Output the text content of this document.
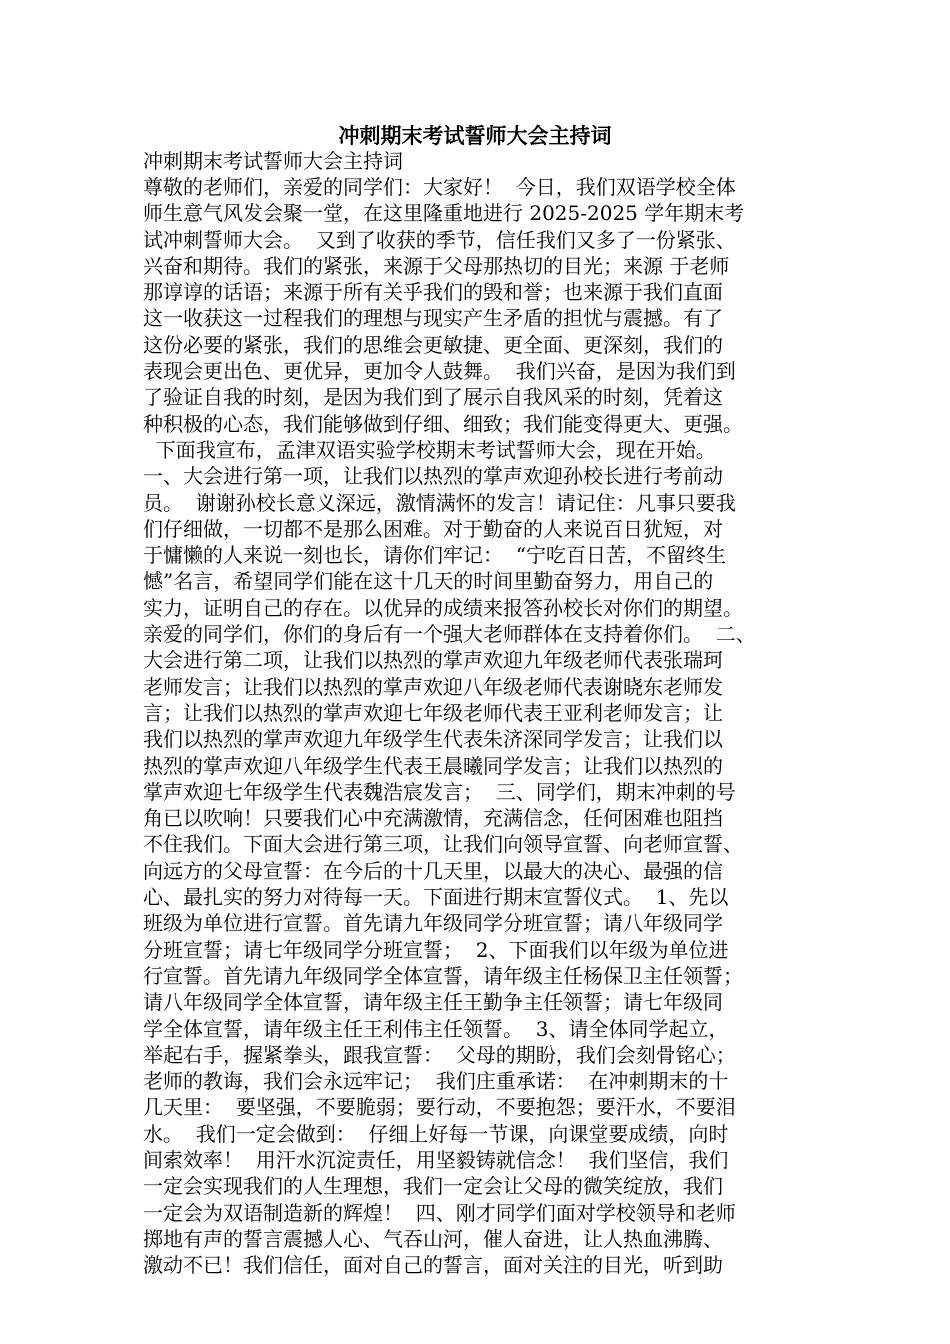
冲刺期末考试誓师大会主持词

冲刺期末考试誓师大会主持词

尊敬的老师们，亲爱的同学们：大家好！  今日，我们双语学校全体
师生意气风发会聚一堂，在这里隆重地进行 2025-2025 学年期末考
试冲刺誓师大会。  又到了收获的季节，信任我们又多了一份紧张、
兴奋和期待。我们的紧张，来源于父母那热切的目光；来源 于老师
那谆谆的话语；来源于所有关乎我们的毁和誉；也来源于我们直面
这一收获这一过程我们的理想与现实产生矛盾的担忧与震撼。有了
这份必要的紧张，我们的思维会更敏捷、更全面、更深刻，我们的
表现会更出色、更优异，更加令人鼓舞。  我们兴奋，是因为我们到
了验证自我的时刻，是因为我们到了展示自我风采的时刻，凭着这
种积极的心态，我们能够做到仔细、细致；我们能变得更大、更强。
下面我宣布，孟津双语实验学校期末考试誓师大会，现在开始。
一、大会进行第一项，让我们以热烈的掌声欢迎孙校长进行考前动
员。  谢谢孙校长意义深远，激情满怀的发言！请记住：凡事只要我
们仔细做，一切都不是那么困难。对于勤奋的人来说百日犹短，对
于慵懒的人来说一刻也长，请你们牢记：  “宁吃百日苦，不留终生
憾”名言，希望同学们能在这十几天的时间里勤奋努力，用自己的
实力，证明自己的存在。以优异的成绩来报答孙校长对你们的期望。
亲爱的同学们，你们的身后有一个强大老师群体在支持着你们。  二、
大会进行第二项，让我们以热烈的掌声欢迎九年级老师代表张瑞珂
老师发言；让我们以热烈的掌声欢迎八年级老师代表谢晓东老师发
言；让我们以热烈的掌声欢迎七年级老师代表王亚利老师发言；让
我们以热烈的掌声欢迎九年级学生代表朱济深同学发言；让我们以
热烈的掌声欢迎八年级学生代表王晨曦同学发言；让我们以热烈的
掌声欢迎七年级学生代表魏浩宸发言；  三、同学们，期末冲刺的号
角已以吹响！只要我们心中充满激情，充满信念，任何困难也阻挡
不住我们。下面大会进行第三项，让我们向领导宣誓、向老师宣誓、
向远方的父母宣誓：在今后的十几天里，以最大的决心、最强的信
心、最扎实的努力对待每一天。下面进行期末宣誓仪式。  1、先以
班级为单位进行宣誓。首先请九年级同学分班宣誓；请八年级同学
分班宣誓；请七年级同学分班宣誓；  2、下面我们以年级为单位进
行宣誓。首先请九年级同学全体宣誓，请年级主任杨保卫主任领誓；
请八年级同学全体宣誓，请年级主任王勤争主任领誓；请七年级同
学全体宣誓，请年级主任王利伟主任领誓。  3、请全体同学起立，
举起右手，握紧拳头，跟我宣誓：  父母的期盼，我们会刻骨铭心；
老师的教诲，我们会永远牢记；  我们庄重承诺：  在冲刺期末的十
几天里：  要坚强，不要脆弱；要行动，不要抱怨；要汗水，不要泪
水。  我们一定会做到：  仔细上好每一节课，向课堂要成绩，向时
间索效率！  用汗水沉淀责任，用坚毅铸就信念！  我们坚信，我们
一定会实现我们的人生理想，我们一定会让父母的微笑绽放，我们
一定会为双语制造新的辉煌！  四、刚才同学们面对学校领导和老师
掷地有声的誓言震撼人心、气吞山河，催人奋进，让人热血沸腾、
激动不已！我们信任，面对自己的誓言，面对关注的目光，听到助
